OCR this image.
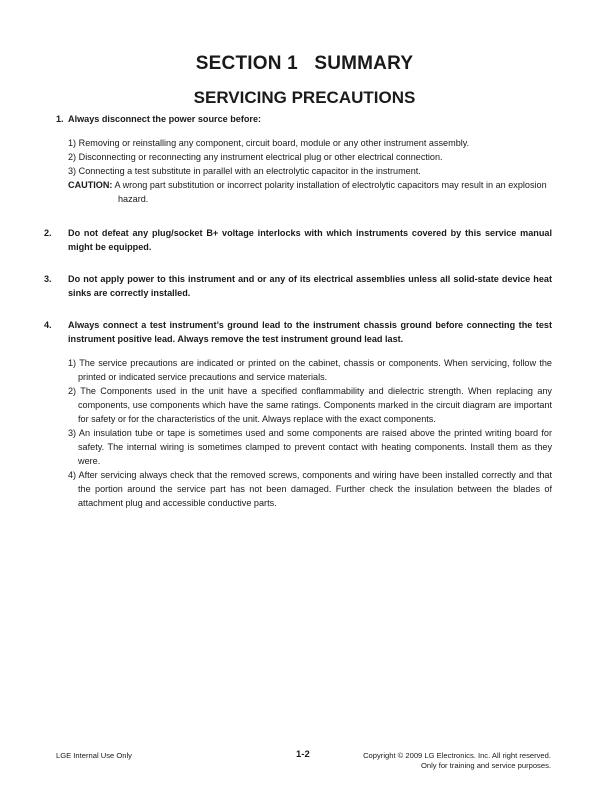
SECTION 1   SUMMARY
SERVICING PRECAUTIONS
1. Always disconnect the power source before:
1) Removing or reinstalling any component, circuit board, module or any other instrument assembly.
2) Disconnecting or reconnecting any instrument electrical plug or other electrical connection.
3) Connecting a test substitute in parallel with an electrolytic capacitor in the instrument.
CAUTION: A wrong part substitution or incorrect polarity installation of electrolytic capacitors may result in an explosion hazard.
2. Do not defeat any plug/socket B+ voltage interlocks with which instruments covered by this service manual might be equipped.
3. Do not apply power to this instrument and or any of its electrical assemblies unless all solid-state device heat sinks are correctly installed.
4. Always connect a test instrument’s ground lead to the instrument chassis ground before connecting the test instrument positive lead. Always remove the test instrument ground lead last.
1) The service precautions are indicated or printed on the cabinet, chassis or components. When servicing, follow the printed or indicated service precautions and service materials.
2) The Components used in the unit have a specified conflammability and dielectric strength. When replacing any components, use components which have the same ratings. Components marked in the circuit diagram are important for safety or for the characteristics of the unit. Always replace with the exact components.
3) An insulation tube or tape is sometimes used and some components are raised above the printed writing board for safety. The internal wiring is sometimes clamped to prevent contact with heating components. Install them as they were.
4) After servicing always check that the removed screws, components and wiring have been installed correctly and that the portion around the service part has not been damaged. Further check the insulation between the blades of attachment plug and accessible conductive parts.
LGE Internal Use Only	1-2	Copyright © 2009 LG Electronics. Inc. All right reserved.
Only for training and service purposes.
